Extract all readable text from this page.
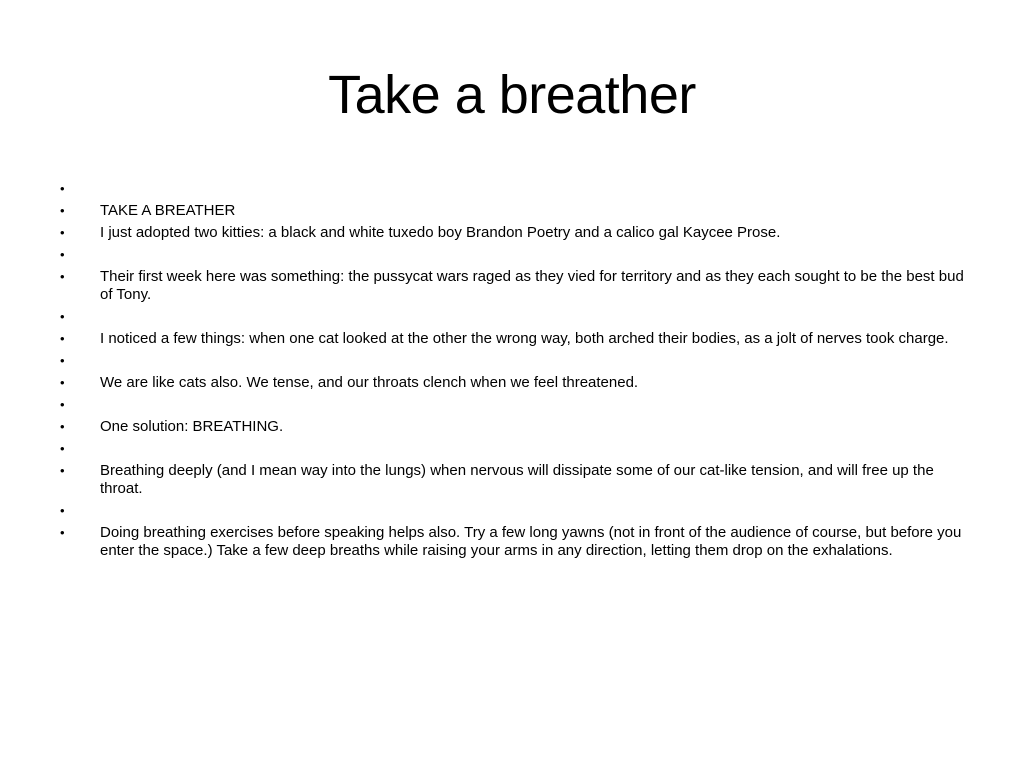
Take a breather
•
•	TAKE A BREATHER
•	I just adopted two kitties: a black and white tuxedo boy Brandon Poetry and a calico gal Kaycee Prose.
•
•	Their first week here was something: the pussycat wars raged as they vied for territory and as they each sought to be the best bud of Tony.
•
•	I noticed a few things: when one cat looked at the other the wrong way, both arched their bodies, as a jolt of nerves took charge.
•
•	We are like cats also. We tense, and our throats clench when we feel threatened.
•
•	One solution: BREATHING.
•
•	Breathing deeply (and I mean way into the lungs) when nervous will dissipate some of our cat-like tension, and will free up the throat.
•
•	Doing breathing exercises before speaking helps also. Try a few long yawns (not in front of the audience of course, but before you enter the space.) Take a few deep breaths while raising your arms in any direction, letting them drop on the exhalations.
